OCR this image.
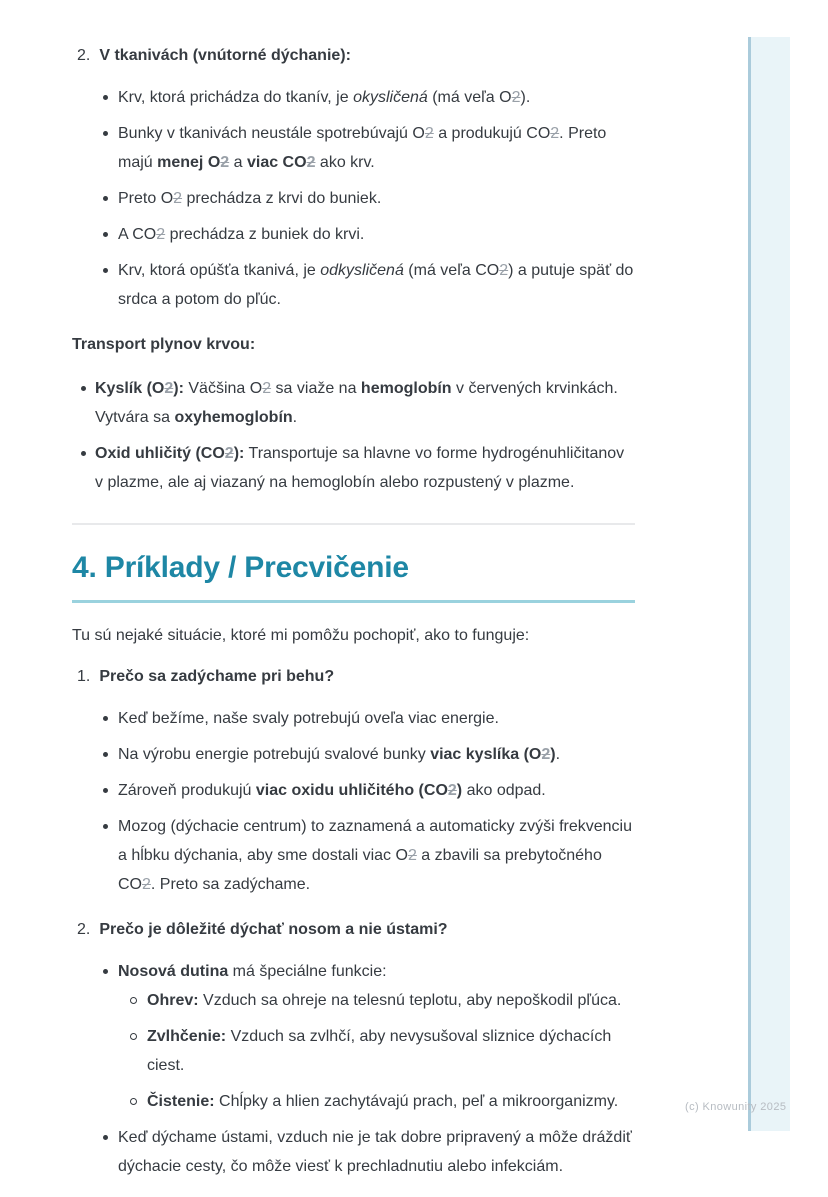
2. V tkanivách (vnútorné dýchanie):
Krv, ktorá prichádza do tkanív, je okysličená (má veľa O2).
Bunky v tkanivách neustále spotrebúvajú O2 a produkujú CO2. Preto majú menej O2 a viac CO2 ako krv.
Preto O2 prechádza z krvi do buniek.
A CO2 prechádza z buniek do krvi.
Krv, ktorá opúšťa tkanivá, je odkysličená (má veľa CO2) a putuje späť do srdca a potom do pľúc.

Transport plynov krvou:

Kyslík (O2): Väčšina O2 sa viaže na hemoglobín v červených krvinkách. Vytvára sa oxyhemoglobín.
Oxid uhličitý (CO2): Transportuje sa hlavne vo forme hydrogénuhličitanov v plazme, ale aj viazaný na hemoglobín alebo rozpustený v plazme.
4. Príklady / Precvičenie

Tu sú nejaké situácie, ktoré mi pomôžu pochopiť, ako to funguje:

1. Prečo sa zadýchame pri behu?
Keď bežíme, naše svaly potrebujú oveľa viac energie.
Na výrobu energie potrebujú svalové bunky viac kyslíka (O2).
Zároveň produkujú viac oxidu uhličitého (CO2) ako odpad.
Mozog (dýchacie centrum) to zaznamená a automaticky zvýši frekvenciu a hĺbku dýchania, aby sme dostali viac O2 a zbavili sa prebytočného CO2. Preto sa zadýchame.
2. Prečo je dôležité dýchať nosom a nie ústami?
Nosová dutina má špeciálne funkcie:
Ohrev: Vzduch sa ohreje na telesnú teplotu, aby nepoškodil pľúca.
Zvlhčenie: Vzduch sa zvlhčí, aby nevysušoval sliznice dýchacích ciest.
Čistenie: Chĺpky a hlien zachytávajú prach, peľ a mikroorganizmy.
Keď dýchame ústami, vzduch nie je tak dobre pripravený a môže dráždiť dýchacie cesty, čo môže viesť k prechladnutiu alebo infekciám.
(c) Knowunity 2025
